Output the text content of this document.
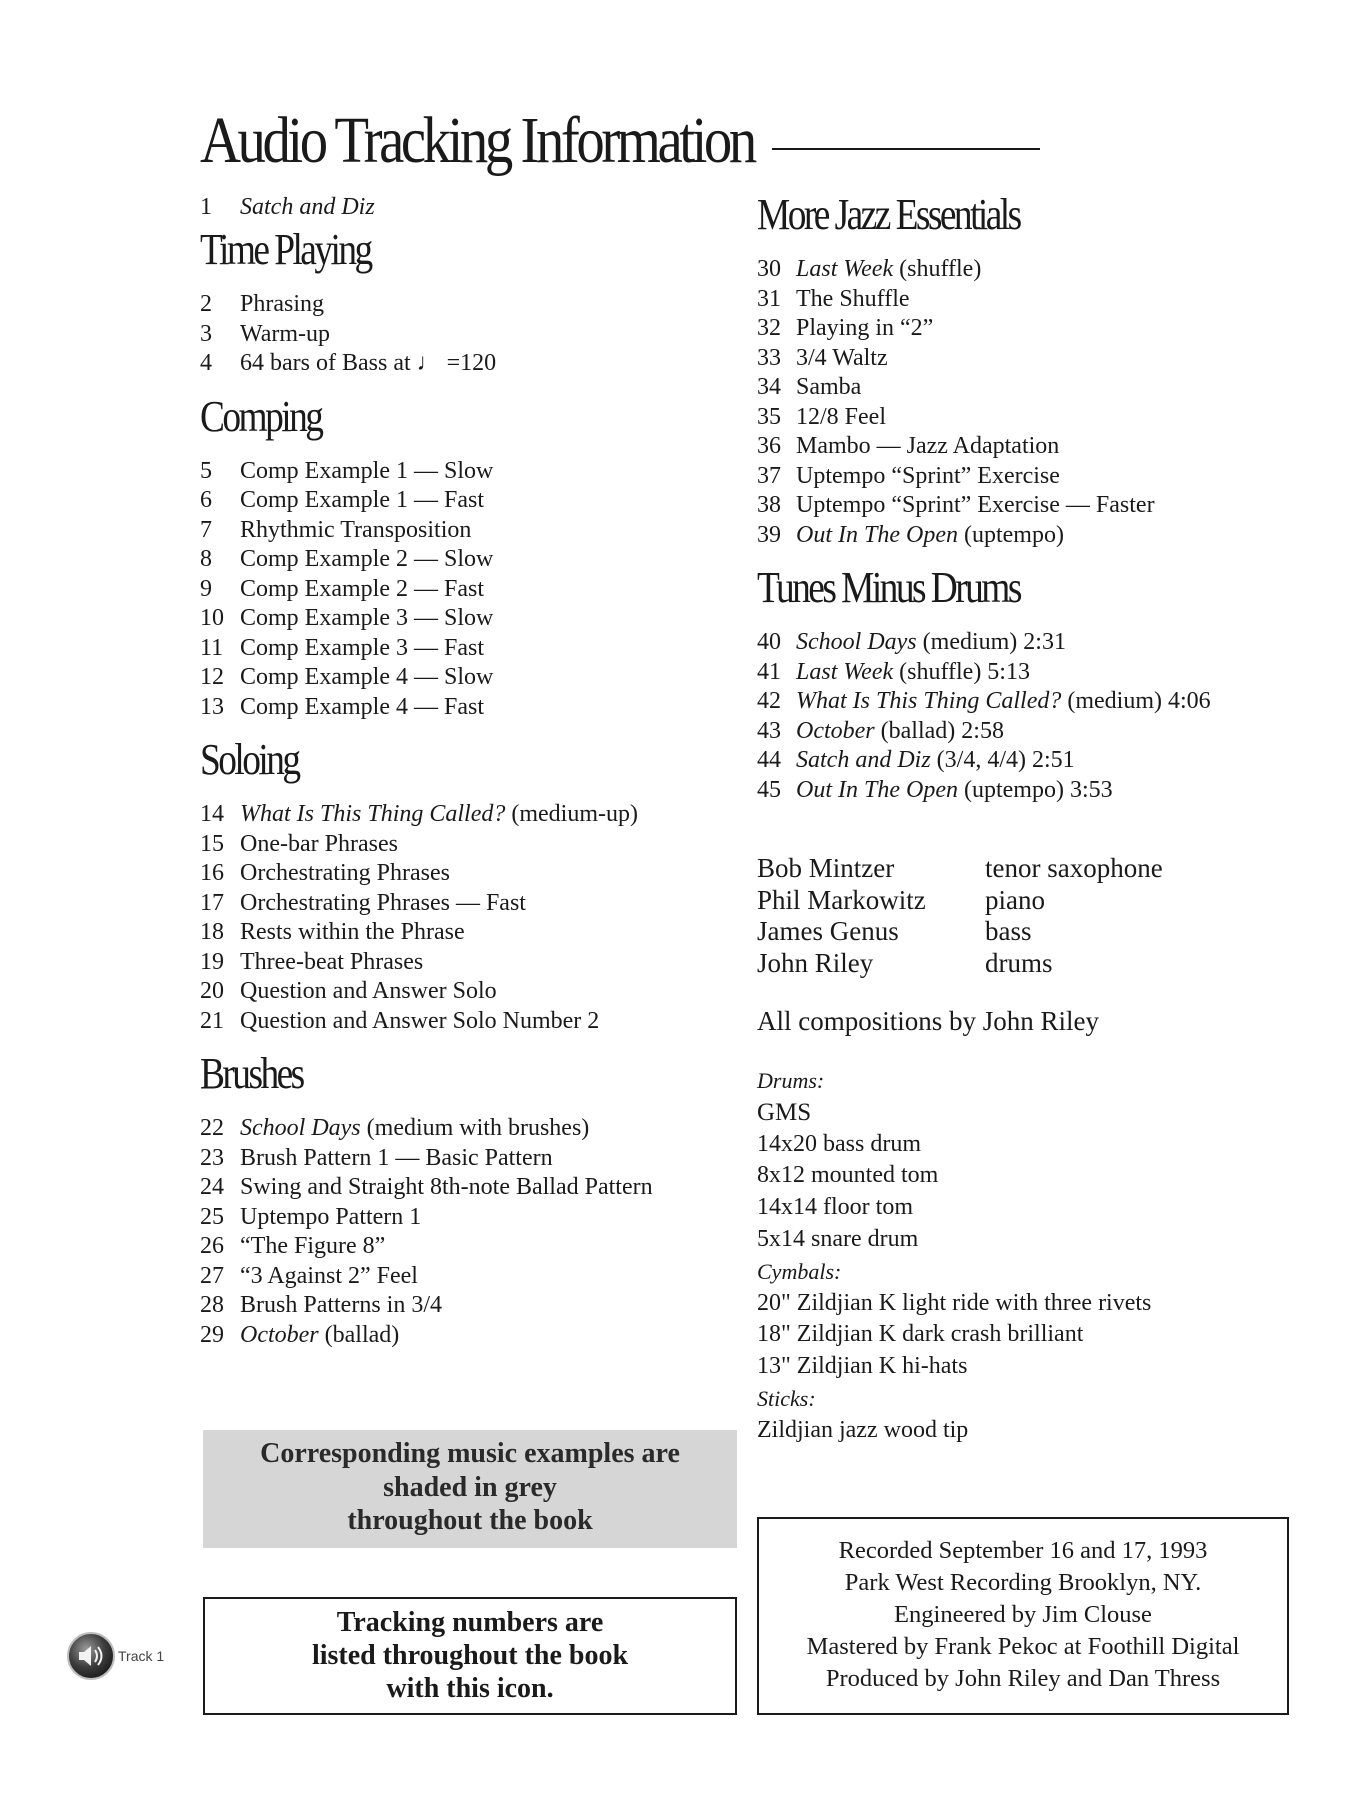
Audio Tracking Information
1 Satch and Diz
Time Playing
2 Phrasing
3 Warm-up
4 64 bars of Bass at ♩ =120
Comping
5 Comp Example 1 — Slow
6 Comp Example 1 — Fast
7 Rhythmic Transposition
8 Comp Example 2 — Slow
9 Comp Example 2 — Fast
10 Comp Example 3 — Slow
11 Comp Example 3 — Fast
12 Comp Example 4 — Slow
13 Comp Example 4 — Fast
Soloing
14 What Is This Thing Called? (medium-up)
15 One-bar Phrases
16 Orchestrating Phrases
17 Orchestrating Phrases — Fast
18 Rests within the Phrase
19 Three-beat Phrases
20 Question and Answer Solo
21 Question and Answer Solo Number 2
Brushes
22 School Days (medium with brushes)
23 Brush Pattern 1 — Basic Pattern
24 Swing and Straight 8th-note Ballad Pattern
25 Uptempo Pattern 1
26 “The Figure 8”
27 “3 Against 2” Feel
28 Brush Patterns in 3/4
29 October (ballad)
More Jazz Essentials
30 Last Week (shuffle)
31 The Shuffle
32 Playing in “2”
33 3/4 Waltz
34 Samba
35 12/8 Feel
36 Mambo — Jazz Adaptation
37 Uptempo “Sprint” Exercise
38 Uptempo “Sprint” Exercise — Faster
39 Out In The Open (uptempo)
Tunes Minus Drums
40 School Days (medium) 2:31
41 Last Week (shuffle) 5:13
42 What Is This Thing Called? (medium) 4:06
43 October (ballad) 2:58
44 Satch and Diz (3/4, 4/4) 2:51
45 Out In The Open (uptempo) 3:53
Bob Mintzer	tenor saxophone
Phil Markowitz piano
James Genus	bass
John Riley	drums
All compositions by John Riley
Drums:
GMS
14x20 bass drum
8x12 mounted tom
14x14 floor tom
5x14 snare drum
Cymbals:
20" Zildjian K light ride with three rivets
18" Zildjian K dark crash brilliant
13" Zildjian K hi-hats
Sticks:
Zildjian jazz wood tip
Corresponding music examples are
shaded in grey
throughout the book
Tracking numbers are
listed throughout the book
with this icon.
Recorded September 16 and 17, 1993
Park West Recording Brooklyn, NY.
Engineered by Jim Clouse
Mastered by Frank Pekoc at Foothill Digital
Produced by John Riley and Dan Thress
Track 1
